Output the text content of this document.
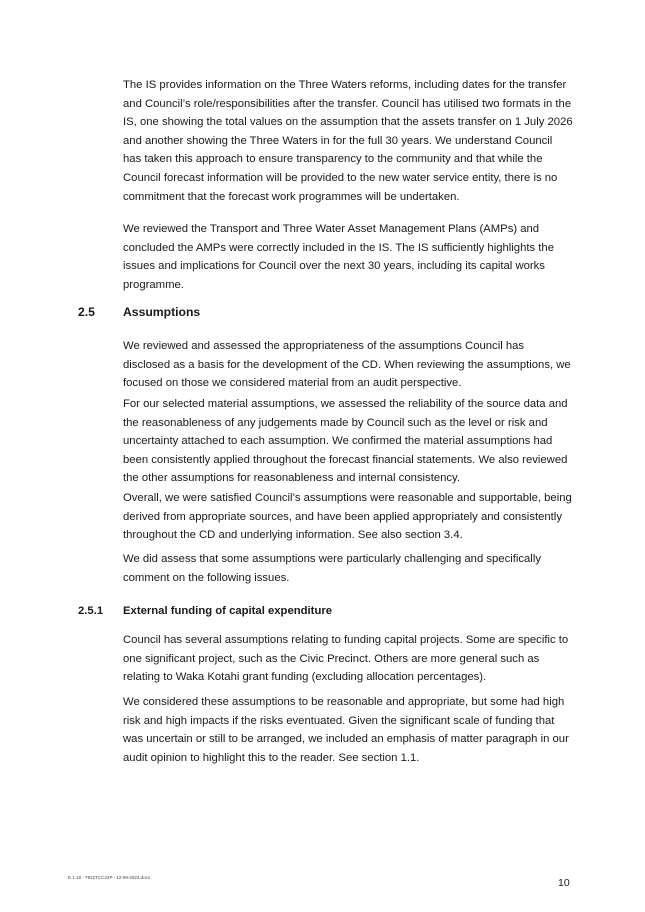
The IS provides information on the Three Waters reforms, including dates for the transfer and Council’s role/responsibilities after the transfer. Council has utilised two formats in the IS, one showing the total values on the assumption that the assets transfer on 1 July 2026 and another showing the Three Waters in for the full 30 years. We understand Council has taken this approach to ensure transparency to the community and that while the Council forecast information will be provided to the new water service entity, there is no commitment that the forecast work programmes will be undertaken.

We reviewed the Transport and Three Water Asset Management Plans (AMPs) and concluded the AMPs were correctly included in the IS. The IS sufficiently highlights the issues and implications for Council over the next 30 years, including its capital works programme.

2.5 Assumptions

We reviewed and assessed the appropriateness of the assumptions Council has disclosed as a basis for the development of the CD. When reviewing the assumptions, we focused on those we considered material from an audit perspective.

For our selected material assumptions, we assessed the reliability of the source data and the reasonableness of any judgements made by Council such as the level or risk and uncertainty attached to each assumption. We confirmed the material assumptions had been consistently applied throughout the forecast financial statements. We also reviewed the other assumptions for reasonableness and internal consistency.

Overall, we were satisfied Council’s assumptions were reasonable and supportable, being derived from appropriate sources, and have been applied appropriately and consistently throughout the CD and underlying information. See also section 3.4.

We did assess that some assumptions were particularly challenging and specifically comment on the following issues.

2.5.1 External funding of capital expenditure

Council has several assumptions relating to funding capital projects. Some are specific to one significant project, such as the Civic Precinct. Others are more general such as relating to Waka Kotahi grant funding (excluding allocation percentages).

We considered these assumptions to be reasonable and appropriate, but some had high risk and high impacts if the risks eventuated. Given the significant scale of funding that was uncertain or still to be arranged, we included an emphasis of matter paragraph in our audit opinion to highlight this to the reader. See section 1.1.

E.1.18 - T922TCC24P - 12-09-2023.docx	10
